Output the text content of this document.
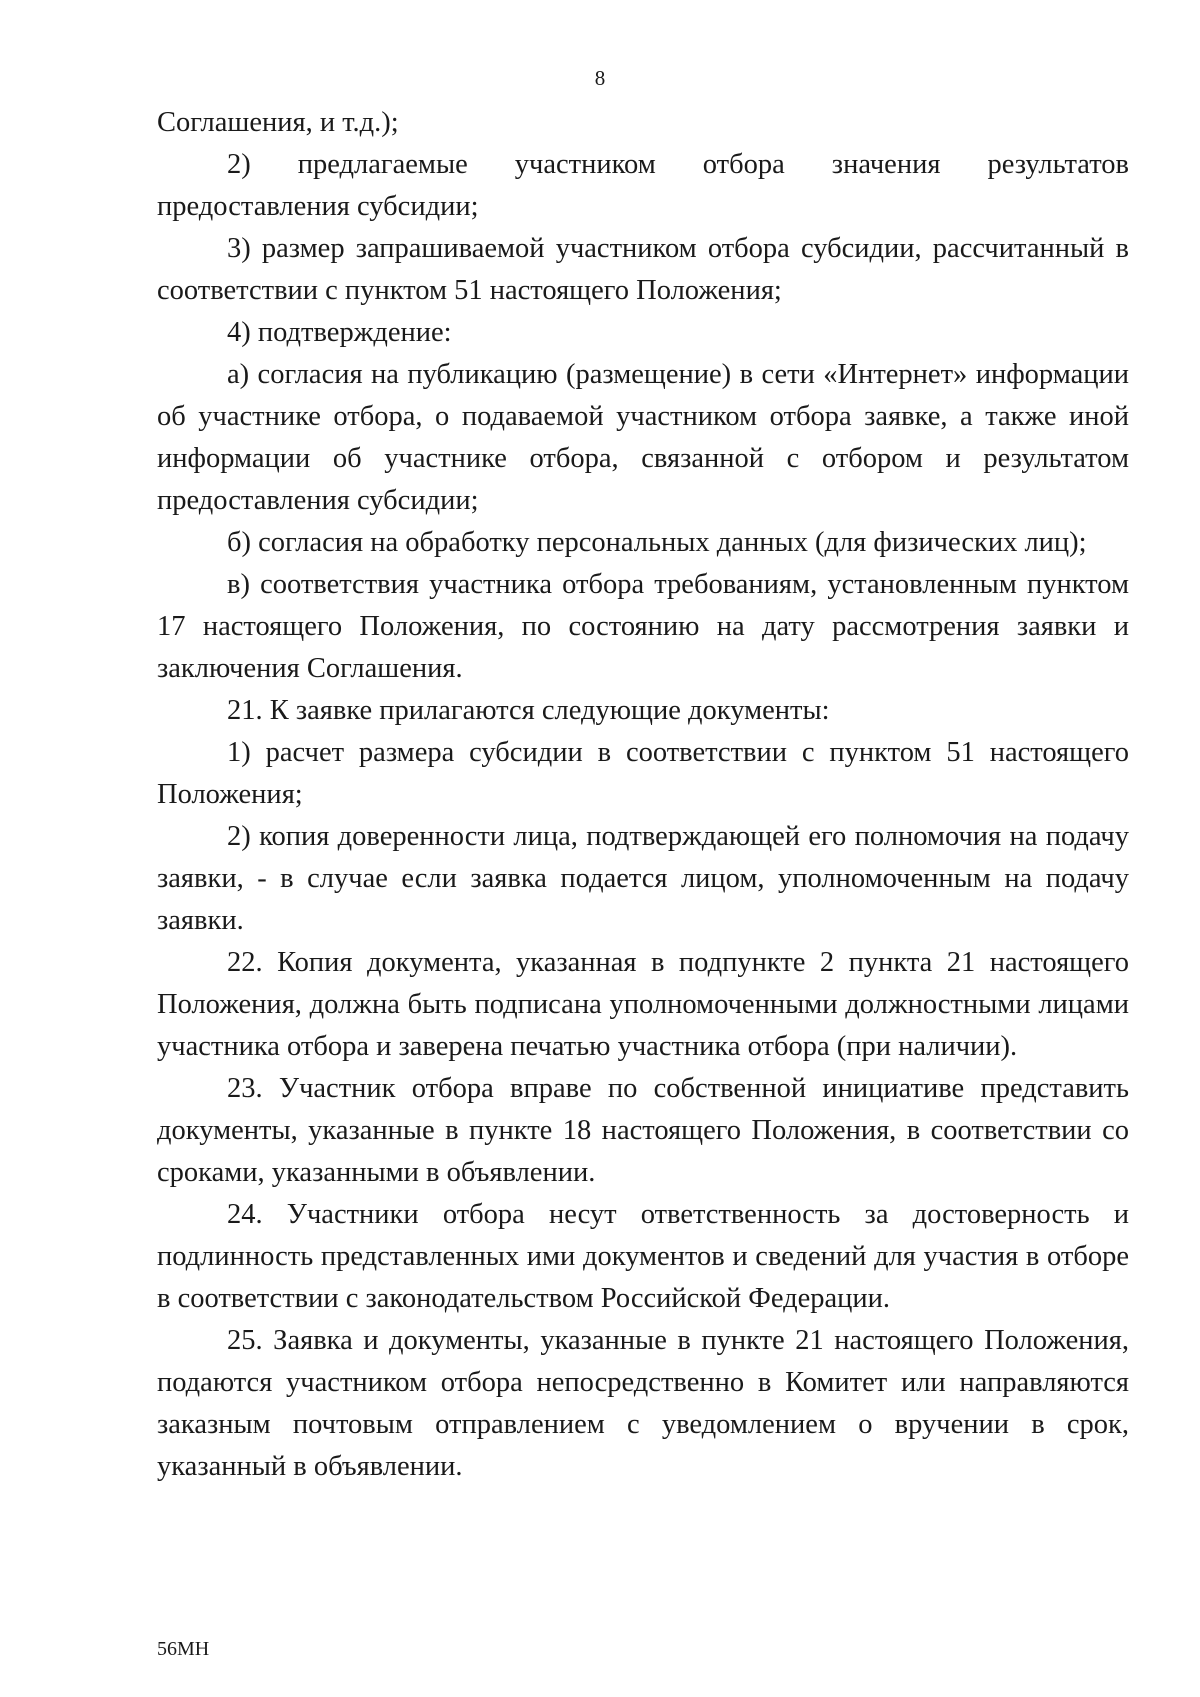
8

Соглашения, и т.д.);

2) предлагаемые участником отбора значения результатов предоставления субсидии;

3) размер запрашиваемой участником отбора субсидии, рассчитанный в соответствии с пунктом 51 настоящего Положения;

4) подтверждение:

а) согласия на публикацию (размещение) в сети «Интернет» информации об участнике отбора, о подаваемой участником отбора заявке, а также иной информации об участнике отбора, связанной с отбором и результатом предоставления субсидии;

б) согласия на обработку персональных данных (для физических лиц);

в) соответствия участника отбора требованиям, установленным пунктом 17 настоящего Положения, по состоянию на дату рассмотрения заявки и заключения Соглашения.

21. К заявке прилагаются следующие документы:

1) расчет размера субсидии в соответствии с пунктом 51 настоящего Положения;

2) копия доверенности лица, подтверждающей его полномочия на подачу заявки, - в случае если заявка подается лицом, уполномоченным на подачу заявки.

22. Копия документа, указанная в подпункте 2 пункта 21 настоящего Положения, должна быть подписана уполномоченными должностными лицами участника отбора и заверена печатью участника отбора (при наличии).

23. Участник отбора вправе по собственной инициативе представить документы, указанные в пункте 18 настоящего Положения, в соответствии со сроками, указанными в объявлении.

24. Участники отбора несут ответственность за достоверность и подлинность представленных ими документов и сведений для участия в отборе в соответствии с законодательством Российской Федерации.

25. Заявка и документы, указанные в пункте 21 настоящего Положения, подаются участником отбора непосредственно в Комитет или направляются заказным почтовым отправлением с уведомлением о вручении в срок, указанный в объявлении.

56МН
